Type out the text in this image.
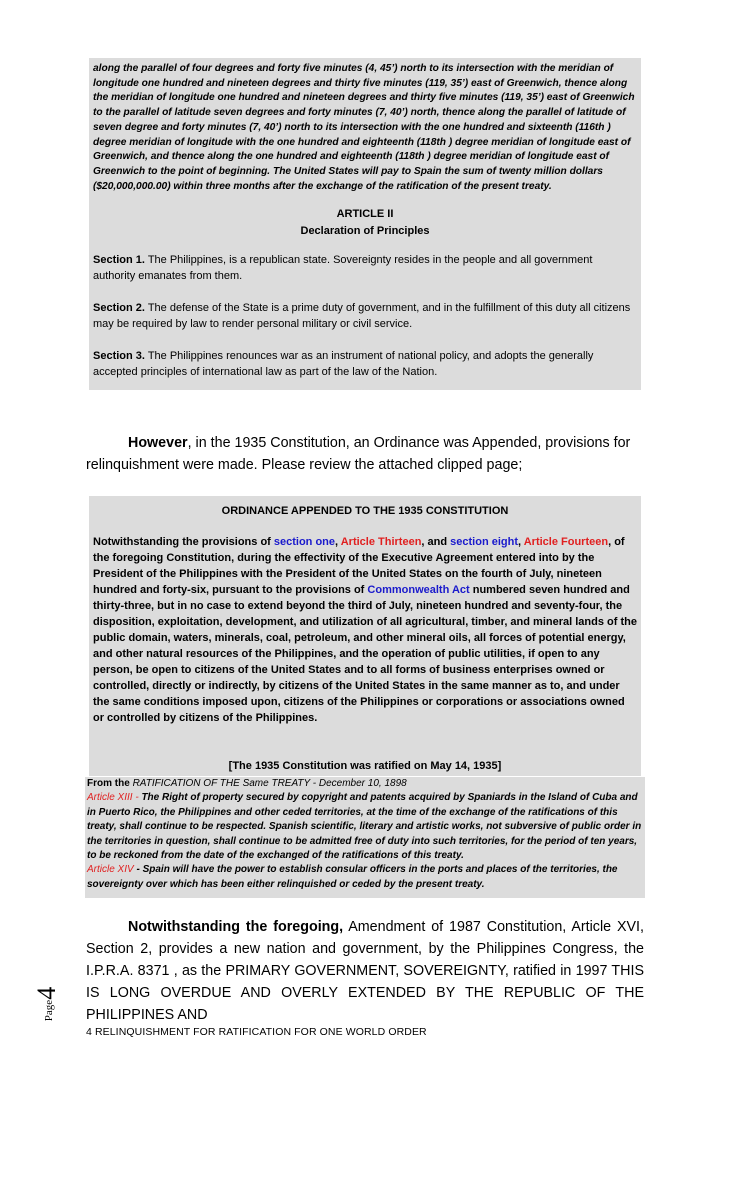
along the parallel of four degrees and forty five minutes (4, 45’) north to its intersection with the meridian of longitude one hundred and nineteen degrees and thirty five minutes (119, 35’) east of Greenwich, thence along the meridian of longitude one hundred and nineteen degrees and thirty five minutes (119, 35’) east of Greenwich to the parallel of latitude seven degrees and forty minutes (7, 40’) north, thence along the parallel of latitude of seven degree and forty minutes (7, 40’) north to its intersection with the one hundred and sixteenth (116th ) degree meridian of longitude with the one hundred and eighteenth (118th ) degree meridian of longitude east of Greenwich, and thence along the one hundred and eighteenth (118th ) degree meridian of longitude east of Greenwich to the point of beginning. The United States will pay to Spain the sum of twenty million dollars ($20,000,000.00) within three months after the exchange of the ratification of the present treaty.

ARTICLE II
Declaration of Principles

Section 1. The Philippines, is a republican state. Sovereignty resides in the people and all government authority emanates from them.

Section 2. The defense of the State is a prime duty of government, and in the fulfillment of this duty all citizens may be required by law to render personal military or civil service.

Section 3. The Philippines renounces war as an instrument of national policy, and adopts the generally accepted principles of international law as part of the law of the Nation.

However, in the 1935 Constitution, an Ordinance was Appended, provisions for relinquishment were made. Please review the attached clipped page;

ORDINANCE APPENDED TO THE 1935 CONSTITUTION
Notwithstanding the provisions of section one, Article Thirteen, and section eight, Article Fourteen, of the foregoing Constitution, during the effectivity of the Executive Agreement entered into by the President of the Philippines with the President of the United States on the fourth of July, nineteen hundred and forty-six, pursuant to the provisions of Commonwealth Act numbered seven hundred and thirty-three, but in no case to extend beyond the third of July, nineteen hundred and seventy-four, the disposition, exploitation, development, and utilization of all agricultural, timber, and mineral lands of the public domain, waters, minerals, coal, petroleum, and other mineral oils, all forces of potential energy, and other natural resources of the Philippines, and the operation of public utilities, if open to any person, be open to citizens of the United States and to all forms of business enterprises owned or controlled, directly or indirectly, by citizens of the United States in the same manner as to, and under the same conditions imposed upon, citizens of the Philippines or corporations or associations owned or controlled by citizens of the Philippines.
[The 1935 Constitution was ratified on May 14, 1935]

From the RATIFICATION OF THE Same TREATY - December 10, 1898

Article XIII - The Right of property secured by copyright and patents acquired by Spaniards in the Island of Cuba and in Puerto Rico, the Philippines and other ceded territories, at the time of the exchange of the ratifications of this treaty, shall continue to be respected. Spanish scientific, literary and artistic works, not subversive of public order in the territories in question, shall continue to be admitted free of duty into such territories, for the period of ten years, to be reckoned from the date of the exchanged of the ratifications of this treaty.

Article XIV - Spain will have the power to establish consular officers in the ports and places of the territories, the sovereignty over which has been either relinquished or ceded by the present treaty.

Notwithstanding the foregoing, Amendment of 1987 Constitution, Article XVI, Section 2, provides a new nation and government, by the Philippines Congress, the I.P.R.A. 8371 , as the PRIMARY GOVERNMENT, SOVEREIGNTY, ratified in 1997 THIS IS LONG OVERDUE AND OVERLY EXTENDED BY THE REPUBLIC OF THE PHILIPPINES AND

Page4
4 RELINQUISHMENT FOR RATIFICATION FOR ONE WORLD ORDER
